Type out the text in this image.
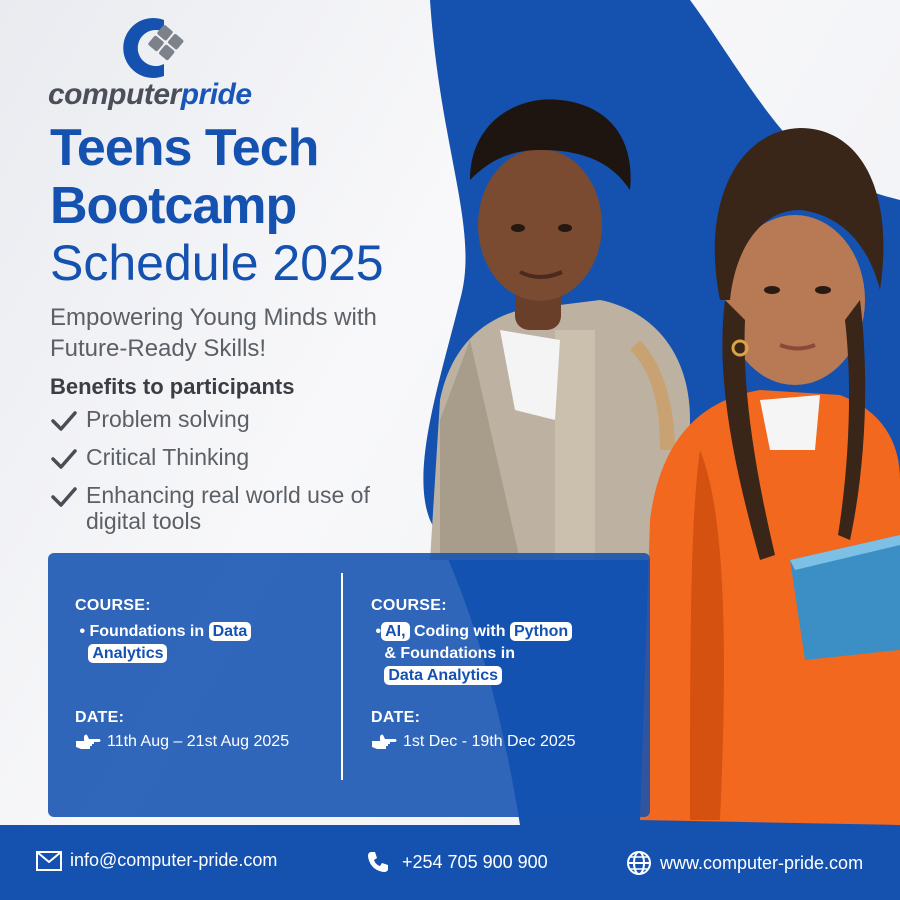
computerpride
Teens Tech
Bootcamp
Schedule 2025
Empowering Young Minds with Future-Ready Skills!
Benefits to participants
Problem solving
Critical Thinking
Enhancing real world use of digital tools
COURSE:
• Foundations in Data
Analytics
DATE:
11th Aug – 21st Aug 2025
COURSE:
• AI, Coding with Python
& Foundations in
Data Analytics
DATE:
1st Dec - 19th Dec 2025
info@computer-pride.com	+254 705 900 900	www.computer-pride.com
